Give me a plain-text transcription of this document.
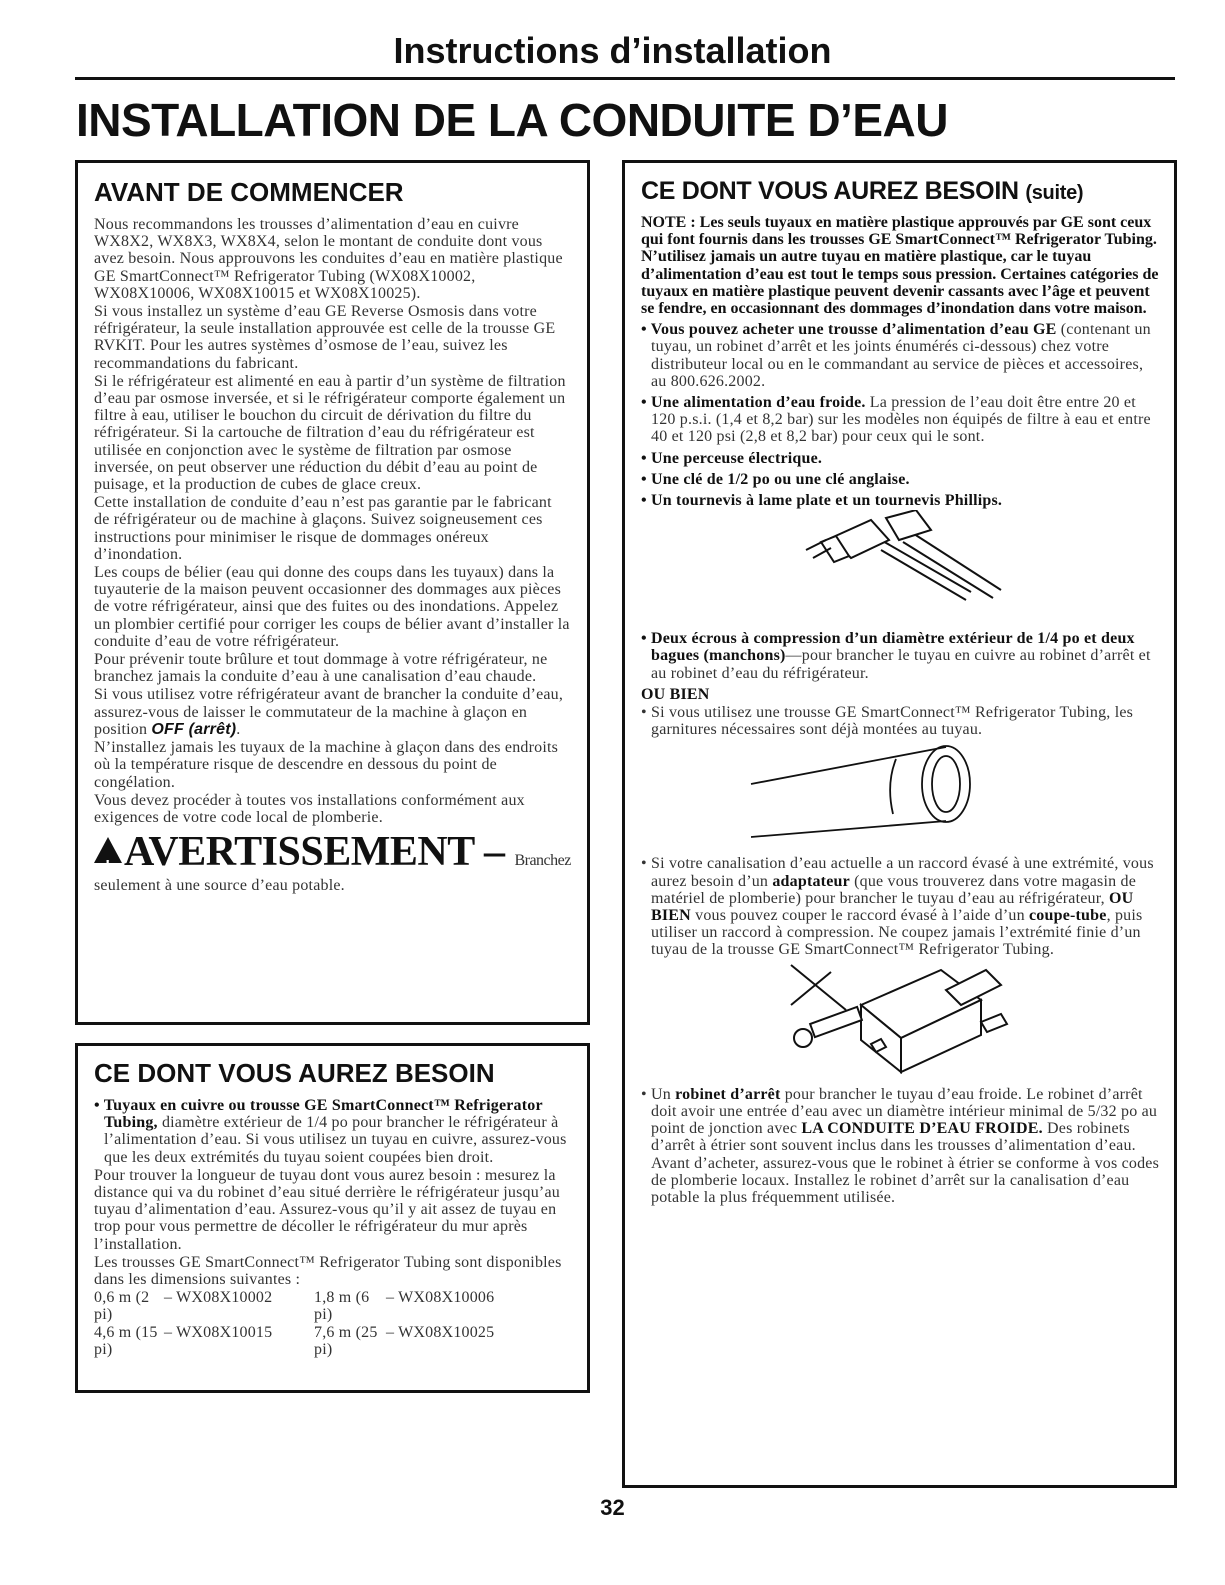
Instructions d’installation
INSTALLATION DE LA CONDUITE D’EAU
AVANT DE COMMENCER

Nous recommandons les trousses d’alimentation d’eau en cuivre WX8X2, WX8X3, WX8X4, selon le montant de conduite dont vous avez besoin. Nous approuvons les conduites d’eau en matière plastique GE SmartConnect™ Refrigerator Tubing (WX08X10002, WX08X10006, WX08X10015 et WX08X10025).

Si vous installez un système d’eau GE Reverse Osmosis dans votre réfrigérateur, la seule installation approuvée est celle de la trousse GE RVKIT. Pour les autres systèmes d’osmose de l’eau, suivez les recommandations du fabricant.

Si le réfrigérateur est alimenté en eau à partir d’un système de filtration d’eau par osmose inversée, et si le réfrigérateur comporte également un filtre à eau, utiliser le bouchon du circuit de dérivation du filtre du réfrigérateur. Si la cartouche de filtration d’eau du réfrigérateur est utilisée en conjonction avec le système de filtration par osmose inversée, on peut observer une réduction du débit d’eau au point de puisage, et la production de cubes de glace creux.

Cette installation de conduite d’eau n’est pas garantie par le fabricant de réfrigérateur ou de machine à glaçons. Suivez soigneusement ces instructions pour minimiser le risque de dommages onéreux d’inondation.

Les coups de bélier (eau qui donne des coups dans les tuyaux) dans la tuyauterie de la maison peuvent occasionner des dommages aux pièces de votre réfrigérateur, ainsi que des fuites ou des inondations. Appelez un plombier certifié pour corriger les coups de bélier avant d’installer la conduite d’eau de votre réfrigérateur.

Pour prévenir toute brûlure et tout dommage à votre réfrigérateur, ne branchez jamais la conduite d’eau à une canalisation d’eau chaude.

Si vous utilisez votre réfrigérateur avant de brancher la conduite d’eau, assurez-vous de laisser le commutateur de la machine à glaçon en position OFF (arrêt).

N’installez jamais les tuyaux de la machine à glaçon dans des endroits où la température risque de descendre en dessous du point de congélation.

Vous devez procéder à toutes vos installations conformément aux exigences de votre code local de plomberie.

! AVERTISSEMENT – Branchez
seulement à une source d’eau potable.
CE DONT VOUS AUREZ BESOIN

• Tuyaux en cuivre ou trousse GE SmartConnect™ Refrigerator Tubing, diamètre extérieur de 1/4 po pour brancher le réfrigérateur à l’alimentation d’eau. Si vous utilisez un tuyau en cuivre, assurez-vous que les deux extrémités du tuyau soient coupées bien droit.

Pour trouver la longueur de tuyau dont vous aurez besoin : mesurez la distance qui va du robinet d’eau situé derrière le réfrigérateur jusqu’au tuyau d’alimentation d’eau. Assurez-vous qu’il y ait assez de tuyau en trop pour vous permettre de décoller le réfrigérateur du mur après l’installation.

Les trousses GE SmartConnect™ Refrigerator Tubing sont disponibles dans les dimensions suivantes :

0,6 m (2 pi)
– WX08X10002	1,8 m (6 pi)
– WX08X10006
4,6 m (15 pi)
– WX08X10015	7,6 m (25 pi)
– WX08X10025
CE DONT VOUS AUREZ BESOIN (suite)
NOTE : Les seuls tuyaux en matière plastique approuvés par GE sont ceux qui font fournis dans les trousses GE SmartConnect™ Refrigerator Tubing. N’utilisez jamais un autre tuyau en matière plastique, car le tuyau d’alimentation d’eau est tout le temps sous pression. Certaines catégories de tuyaux en matière plastique peuvent devenir cassants avec l’âge et peuvent se fendre, en occasionnant des dommages d’inondation dans votre maison.

• Vous pouvez acheter une trousse d’alimentation d’eau GE (contenant un tuyau, un robinet d’arrêt et les joints énumérés ci-dessous) chez votre distributeur local ou en le commandant au service de pièces et accessoires, au 800.626.2002.

• Une alimentation d’eau froide. La pression de l’eau doit être entre 20 et 120 p.s.i. (1,4 et 8,2 bar) sur les modèles non équipés de filtre à eau et entre 40 et 120 psi (2,8 et 8,2 bar) pour ceux qui le sont.

• Une perceuse électrique.

• Une clé de 1/2 po ou une clé anglaise.

• Un tournevis à lame plate et un tournevis Phillips.

• Deux écrous à compression d’un diamètre extérieur de 1/4 po et deux bagues (manchons)—pour brancher le tuyau en cuivre au robinet d’arrêt et au robinet d’eau du réfrigérateur.

OU BIEN

• Si vous utilisez une trousse GE SmartConnect™ Refrigerator Tubing, les garnitures nécessaires sont déjà montées au tuyau.

• Si votre canalisation d’eau actuelle a un raccord évasé à une extrémité, vous aurez besoin d’un adaptateur (que vous trouverez dans votre magasin de matériel de plomberie) pour brancher le tuyau d’eau au réfrigérateur, OU BIEN vous pouvez couper le raccord évasé à l’aide d’un coupe-tube, puis utiliser un raccord à compression. Ne coupez jamais l’extrémité finie d’un tuyau de la trousse GE SmartConnect™ Refrigerator Tubing.

• Un robinet d’arrêt pour brancher le tuyau d’eau froide. Le robinet d’arrêt doit avoir une entrée d’eau avec un diamètre intérieur minimal de 5/32 po au point de jonction avec LA CONDUITE D’EAU FROIDE. Des robinets d’arrêt à étrier sont souvent inclus dans les trousses d’alimentation d’eau. Avant d’acheter, assurez-vous que le robinet à étrier se conforme à vos codes de plomberie locaux. Installez le robinet d’arrêt sur la canalisation d’eau potable la plus fréquemment utilisée.

32
